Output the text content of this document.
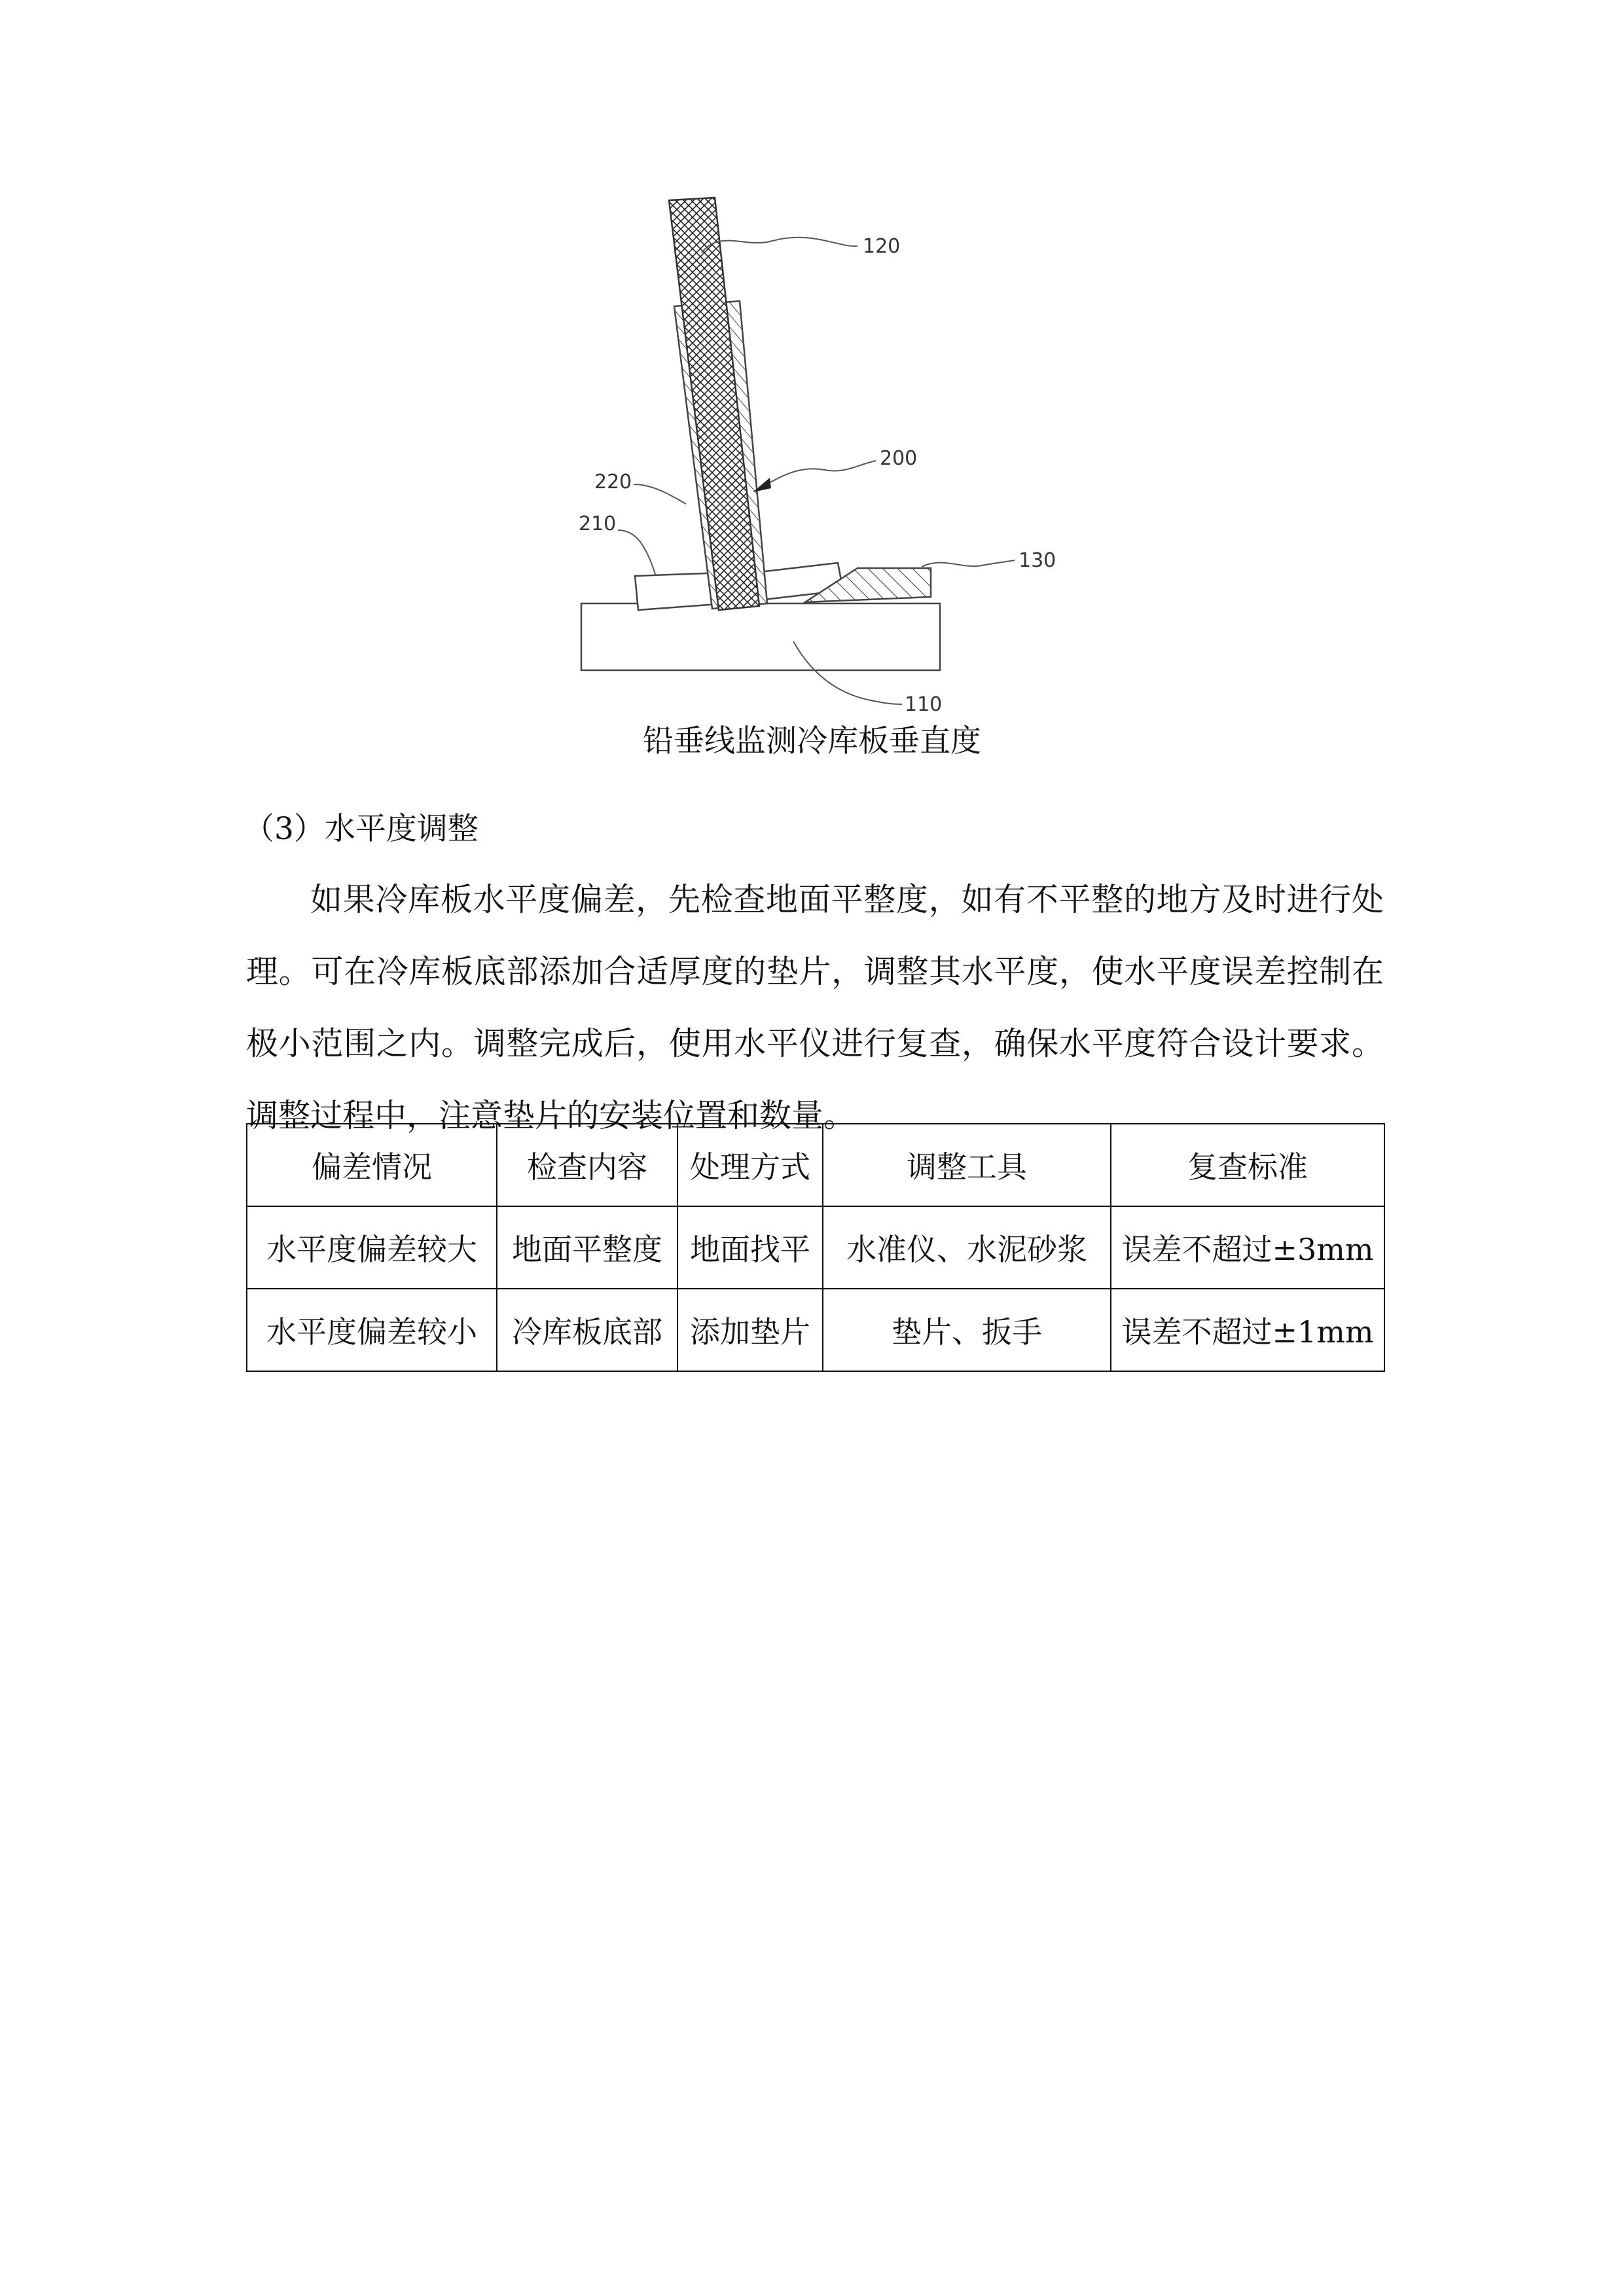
120
200
220
210
130
110
铅垂线监测冷库板垂直度
（3）水平度调整

如果冷库板水平度偏差，先检查地面平整度，如有不平整的地方及时进行处理。可在冷库板底部添加合适厚度的垫片，调整其水平度，使水平度误差控制在极小范围之内。调整完成后，使用水平仪进行复查，确保水平度符合设计要求。调整过程中，注意垫片的安装位置和数量。

偏差情况	检查内容	处理方式	调整工具	复查标准
水平度偏差较大	地面平整度	地面找平	水准仪、水泥砂浆	误差不超过±3mm
水平度偏差较小	冷库板底部	添加垫片	垫片、扳手	误差不超过±1mm
